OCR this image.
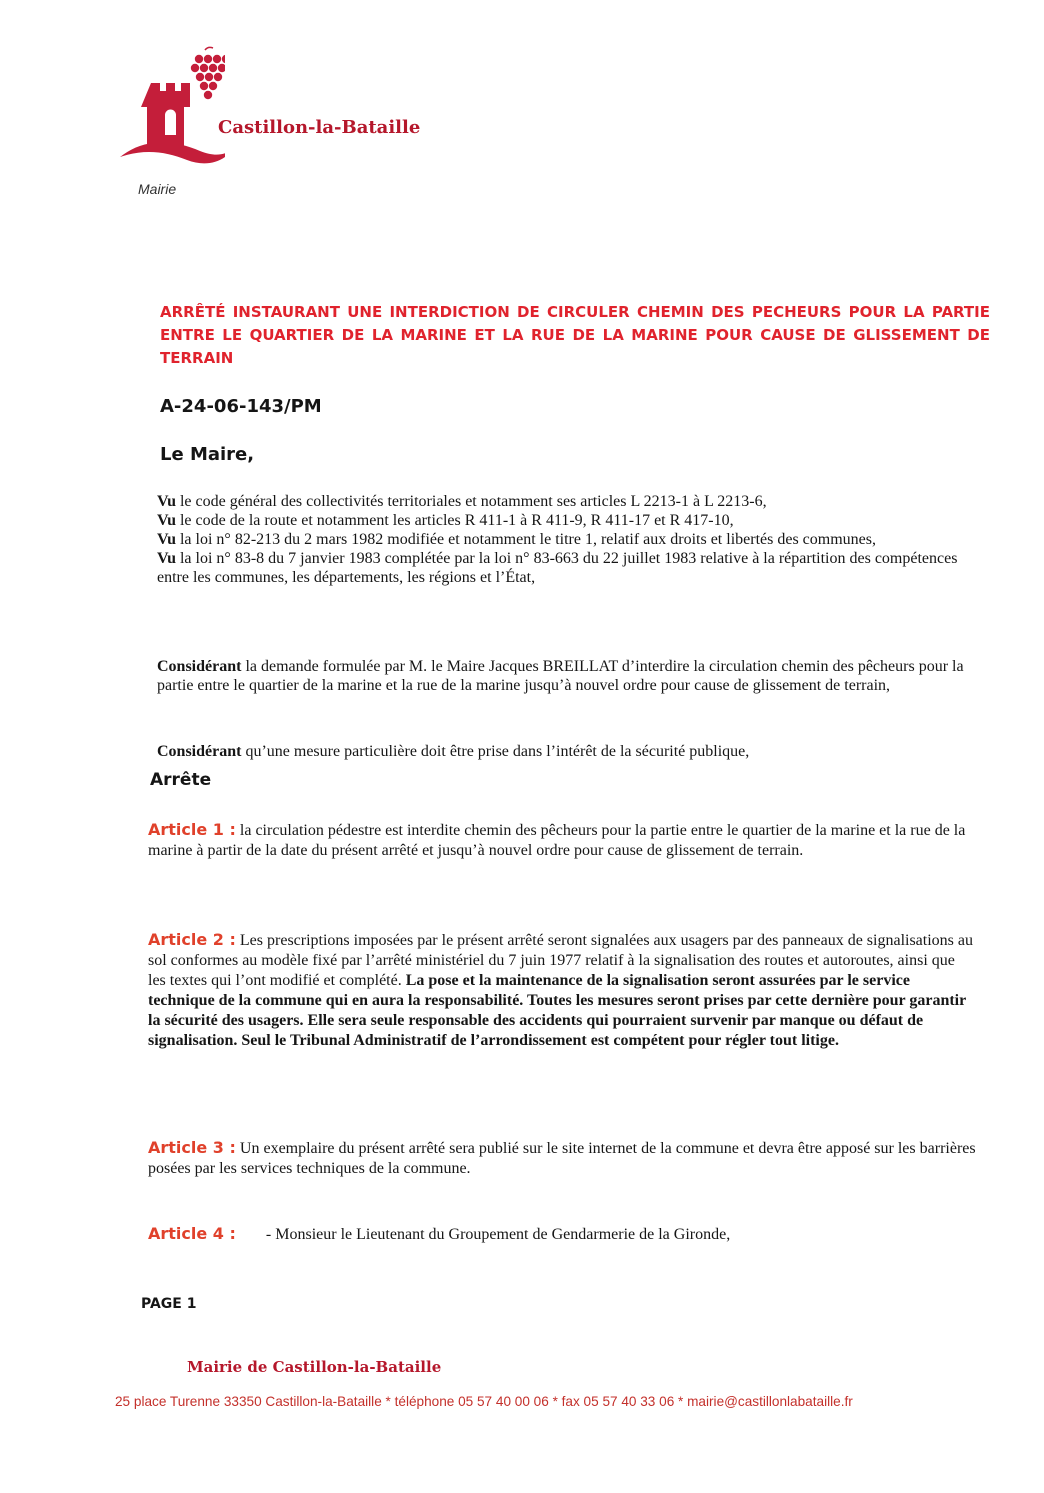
Castillon-la-Bataille
Mairie
ARRÊTÉ INSTAURANT UNE INTERDICTION DE CIRCULER CHEMIN DES PECHEURS POUR LA PARTIE ENTRE LE QUARTIER DE LA MARINE ET LA RUE DE LA MARINE POUR CAUSE DE GLISSEMENT DE TERRAIN
A-24-06-143/PM
Le Maire,

Vu le code général des collectivités territoriales et notamment ses articles L 2213-1 à L 2213-6,

Vu le code de la route et notamment les articles R 411-1 à R 411-9, R 411-17 et R 417-10,

Vu la loi n° 82-213 du 2 mars 1982 modifiée et notamment le titre 1, relatif aux droits et libertés des communes,

Vu la loi n° 83-8 du 7 janvier 1983 complétée par la loi n° 83-663 du 22 juillet 1983 relative à la répartition des compétences entre les communes, les départements, les régions et l’État,

Considérant la demande formulée par M. le Maire Jacques BREILLAT d’interdire la circulation chemin des pêcheurs pour la partie entre le quartier de la marine et la rue de la marine jusqu’à nouvel ordre pour cause de glissement de terrain,

Considérant qu’une mesure particulière doit être prise dans l’intérêt de la sécurité publique,

Arrête

Article 1 : la circulation pédestre est interdite chemin des pêcheurs pour la partie entre le quartier de la marine et la rue de la marine à partir de la date du présent arrêté et jusqu’à nouvel ordre pour cause de glissement de terrain.

Article 2 : Les prescriptions imposées par le présent arrêté seront signalées aux usagers par des panneaux de signalisations au sol conformes au modèle fixé par l’arrêté ministériel du 7 juin 1977 relatif à la signalisation des routes et autoroutes, ainsi que les textes qui l’ont modifié et complété. La pose et la maintenance de la signalisation seront assurées par le service technique de la commune qui en aura la responsabilité. Toutes les mesures seront prises par cette dernière pour garantir la sécurité des usagers. Elle sera seule responsable des accidents qui pourraient survenir par manque ou défaut de signalisation. Seul le Tribunal Administratif de l’arrondissement est compétent pour régler tout litige.

Article 3 : Un exemplaire du présent arrêté sera publié sur le site internet de la commune et devra être apposé sur les barrières posées par les services techniques de la commune.

Article 4 : - Monsieur le Lieutenant du Groupement de Gendarmerie de la Gironde,

PAGE 1
Mairie de Castillon-la-Bataille
25 place Turenne 33350 Castillon-la-Bataille * téléphone 05 57 40 00 06 * fax 05 57 40 33 06 * mairie@castillonlabataille.fr
